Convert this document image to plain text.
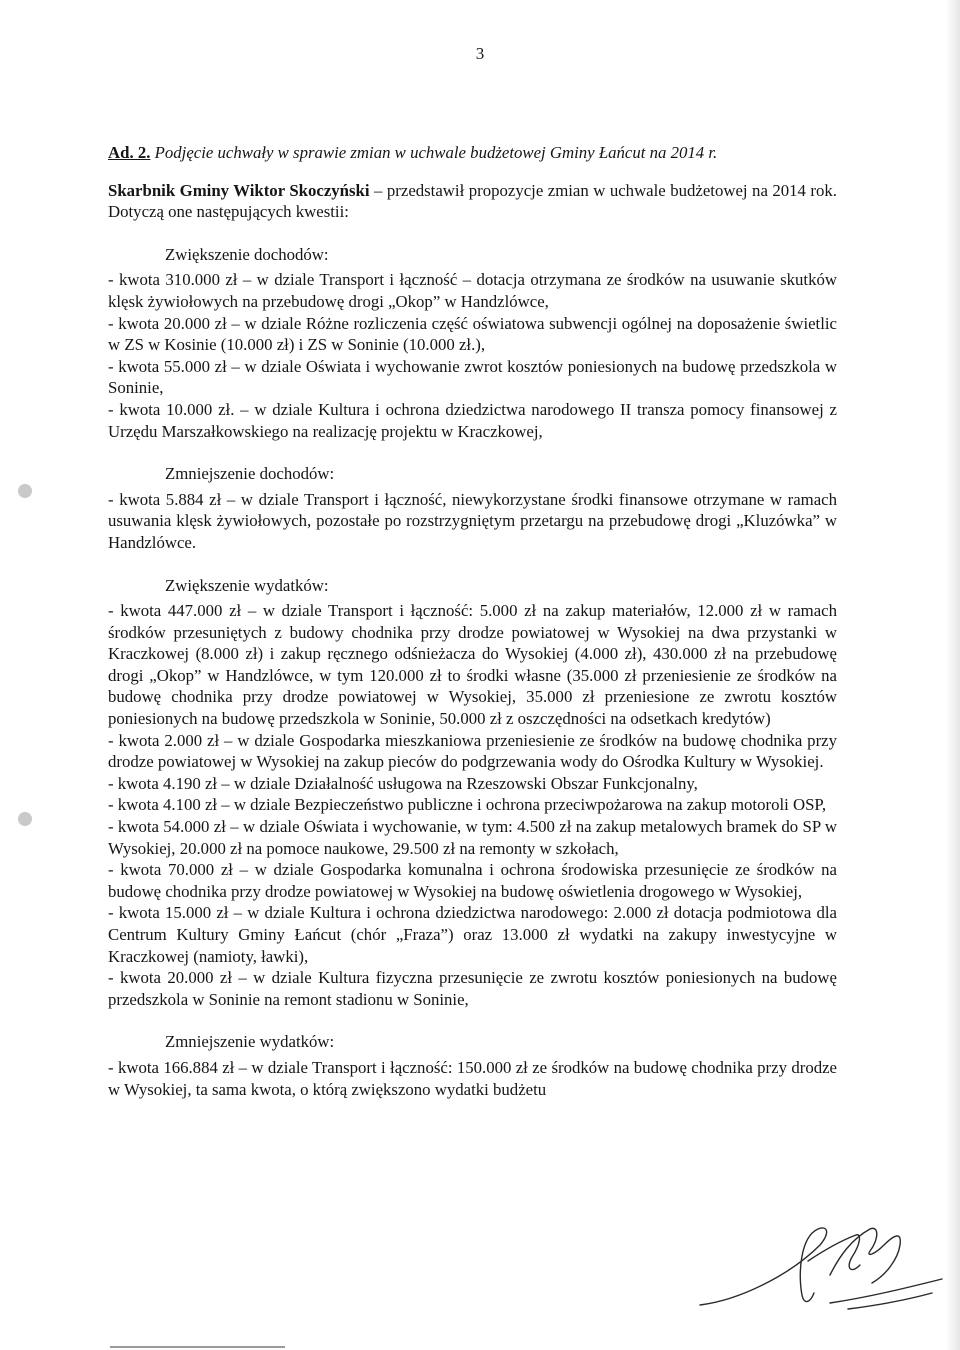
3

Ad. 2. Podjęcie uchwały w sprawie zmian w uchwale budżetowej Gminy Łańcut na 2014 r.

Skarbnik Gminy Wiktor Skoczyński – przedstawił propozycje zmian w uchwale budżetowej na 2014 rok. Dotyczą one następujących kwestii:

Zwiększenie dochodów:

- kwota 310.000 zł – w dziale Transport i łączność – dotacja otrzymana ze środków na usuwanie skutków klęsk żywiołowych na przebudowę drogi „Okop” w Handzlówce,

- kwota 20.000 zł – w dziale Różne rozliczenia część oświatowa subwencji ogólnej na doposażenie świetlic w ZS w Kosinie (10.000 zł) i ZS w Soninie (10.000 zł.),

- kwota 55.000 zł – w dziale Oświata i wychowanie zwrot kosztów poniesionych na budowę przedszkola w Soninie,

- kwota 10.000 zł. – w dziale Kultura i ochrona dziedzictwa narodowego II transza pomocy finansowej z Urzędu Marszałkowskiego na realizację projektu w Kraczkowej,

Zmniejszenie dochodów:

- kwota 5.884 zł – w dziale Transport i łączność, niewykorzystane środki finansowe otrzymane w ramach usuwania klęsk żywiołowych, pozostałe po rozstrzygniętym przetargu na przebudowę drogi „Kluzówka” w Handzlówce.

Zwiększenie wydatków:

- kwota 447.000 zł – w dziale Transport i łączność: 5.000 zł na zakup materiałów, 12.000 zł w ramach środków przesuniętych z budowy chodnika przy drodze powiatowej w Wysokiej na dwa przystanki w Kraczkowej (8.000 zł) i zakup ręcznego odśnieżacza do Wysokiej (4.000 zł), 430.000 zł na przebudowę drogi „Okop” w Handzlówce, w tym 120.000 zł to środki własne (35.000 zł przeniesienie ze środków na budowę chodnika przy drodze powiatowej w Wysokiej, 35.000 zł przeniesione ze zwrotu kosztów poniesionych na budowę przedszkola w Soninie, 50.000 zł z oszczędności na odsetkach kredytów)

- kwota 2.000 zł – w dziale Gospodarka mieszkaniowa przeniesienie ze środków na budowę chodnika przy drodze powiatowej w Wysokiej na zakup pieców do podgrzewania wody do Ośrodka Kultury w Wysokiej.

- kwota 4.190 zł – w dziale Działalność usługowa na Rzeszowski Obszar Funkcjonalny,

- kwota 4.100 zł – w dziale Bezpieczeństwo publiczne i ochrona przeciwpożarowa na zakup motoroli OSP,

- kwota 54.000 zł – w dziale Oświata i wychowanie, w tym: 4.500 zł na zakup metalowych bramek do SP w Wysokiej, 20.000 zł na pomoce naukowe, 29.500 zł na remonty w szkołach,

- kwota 70.000 zł – w dziale Gospodarka komunalna i ochrona środowiska przesunięcie ze środków na budowę chodnika przy drodze powiatowej w Wysokiej na budowę oświetlenia drogowego w Wysokiej,

- kwota 15.000 zł – w dziale Kultura i ochrona dziedzictwa narodowego: 2.000 zł dotacja podmiotowa dla Centrum Kultury Gminy Łańcut (chór „Fraza”) oraz 13.000 zł wydatki na zakupy inwestycyjne w Kraczkowej (namioty, ławki),

- kwota 20.000 zł – w dziale Kultura fizyczna przesunięcie ze zwrotu kosztów poniesionych na budowę przedszkola w Soninie na remont stadionu w Soninie,

Zmniejszenie wydatków:

- kwota 166.884 zł – w dziale Transport i łączność: 150.000 zł ze środków na budowę chodnika przy drodze w Wysokiej, ta sama kwota, o którą zwiększono wydatki budżetu
